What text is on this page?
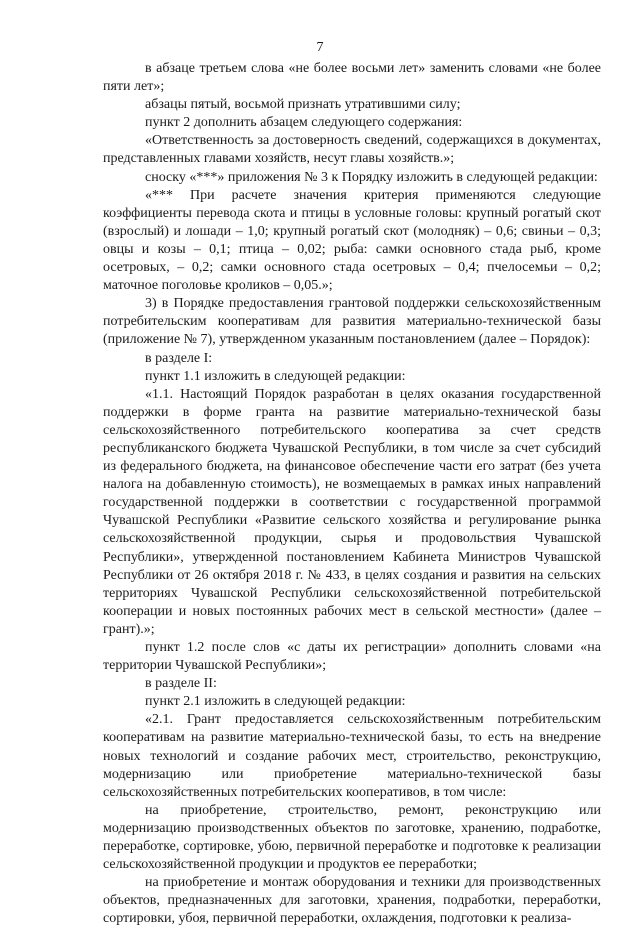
7

в абзаце третьем слова «не более восьми лет» заменить словами «не более пяти лет»;

абзацы пятый, восьмой признать утратившими силу;

пункт 2 дополнить абзацем следующего содержания:

«Ответственность за достоверность сведений, содержащихся в документах, представленных главами хозяйств, несут главы хозяйств.»;

сноску «***» приложения № 3 к Порядку изложить в следующей редакции:

«*** При расчете значения критерия применяются следующие коэффициенты перевода скота и птицы в условные головы: крупный рогатый скот (взрослый) и лошади – 1,0; крупный рогатый скот (молодняк) – 0,6; свиньи – 0,3; овцы и козы – 0,1; птица – 0,02; рыба: самки основного стада рыб, кроме осетровых, – 0,2; самки основного стада осетровых – 0,4; пчелосемьи – 0,2; маточное поголовье кроликов – 0,05.»;

3) в Порядке предоставления грантовой поддержки сельскохозяйственным потребительским кооперативам для развития материально-технической базы (приложение № 7), утвержденном указанным постановлением (далее – Порядок):

в разделе I:

пункт 1.1 изложить в следующей редакции:

«1.1. Настоящий Порядок разработан в целях оказания государственной поддержки в форме гранта на развитие материально-технической базы сельскохозяйственного потребительского кооператива за счет средств республиканского бюджета Чувашской Республики, в том числе за счет субсидий из федерального бюджета, на финансовое обеспечение части его затрат (без учета налога на добавленную стоимость), не возмещаемых в рамках иных направлений государственной поддержки в соответствии с государственной программой Чувашской Республики «Развитие сельского хозяйства и регулирование рынка сельскохозяйственной продукции, сырья и продовольствия Чувашской Республики», утвержденной постановлением Кабинета Министров Чувашской Республики от 26 октября 2018 г. № 433, в целях создания и развития на сельских территориях Чувашской Республики сельскохозяйственной потребительской кооперации и новых постоянных рабочих мест в сельской местности» (далее – грант).»;

пункт 1.2 после слов «с даты их регистрации» дополнить словами «на территории Чувашской Республики»;

в разделе II:

пункт 2.1 изложить в следующей редакции:

«2.1. Грант предоставляется сельскохозяйственным потребительским кооперативам на развитие материально-технической базы, то есть на внедрение новых технологий и создание рабочих мест, строительство, реконструкцию, модернизацию или приобретение материально-технической базы сельскохозяйственных потребительских кооперативов, в том числе:

на приобретение, строительство, ремонт, реконструкцию или модернизацию производственных объектов по заготовке, хранению, подработке, переработке, сортировке, убою, первичной переработке и подготовке к реализации сельскохозяйственной продукции и продуктов ее переработки;

на приобретение и монтаж оборудования и техники для производственных объектов, предназначенных для заготовки, хранения, подработки, переработки, сортировки, убоя, первичной переработки, охлаждения, подготовки к реализа-
